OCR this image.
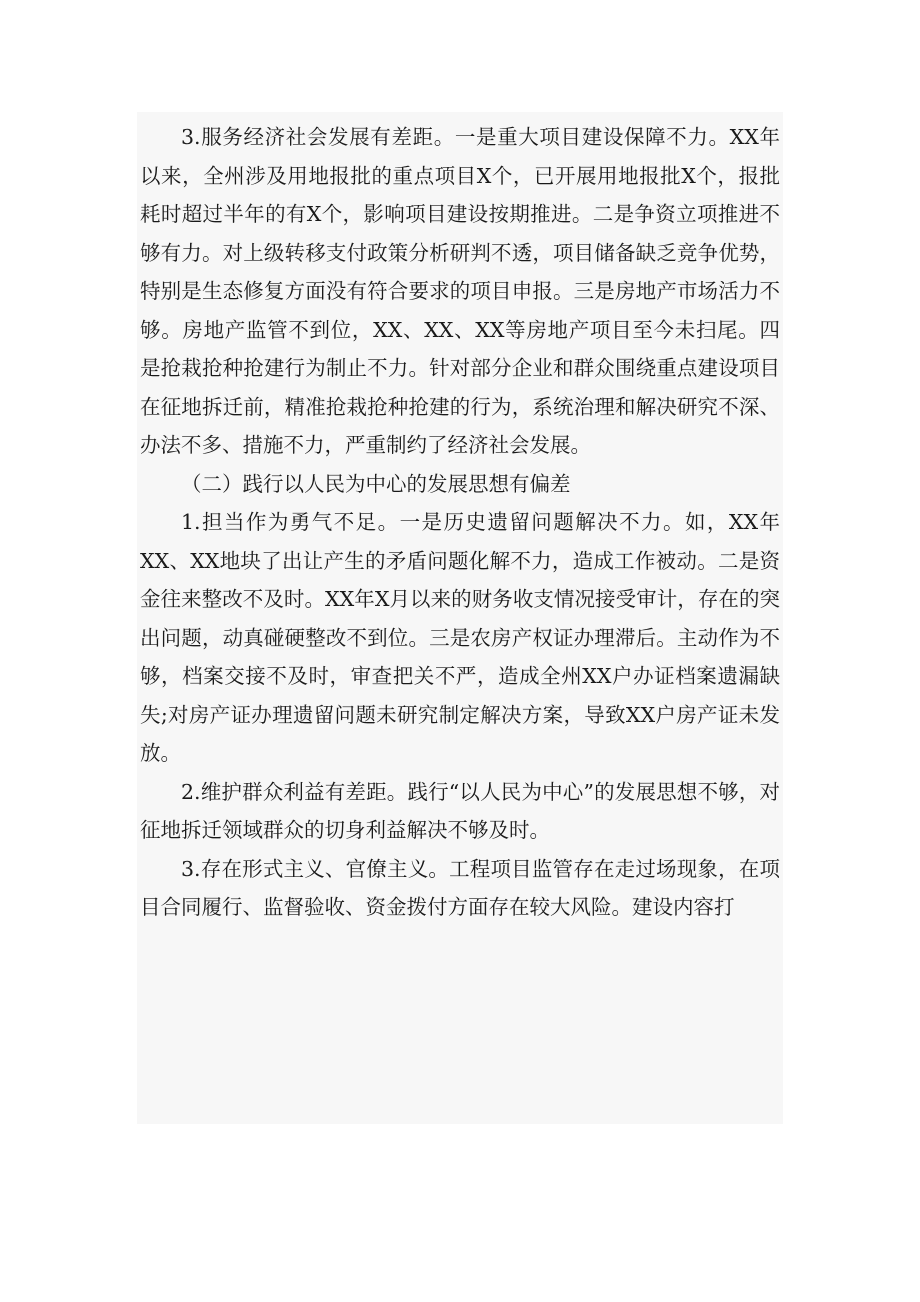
3.服务经济社会发展有差距。一是重大项目建设保障不力。XX年以来，全州涉及用地报批的重点项目X个，已开展用地报批X个，报批耗时超过半年的有X个，影响项目建设按期推进。二是争资立项推进不够有力。对上级转移支付政策分析研判不透，项目储备缺乏竞争优势，特别是生态修复方面没有符合要求的项目申报。三是房地产市场活力不够。房地产监管不到位，XX、XX、XX等房地产项目至今未扫尾。四是抢栽抢种抢建行为制止不力。针对部分企业和群众围绕重点建设项目在征地拆迁前，精准抢栽抢种抢建的行为，系统治理和解决研究不深、办法不多、措施不力，严重制约了经济社会发展。

（二）践行以人民为中心的发展思想有偏差

1.担当作为勇气不足。一是历史遗留问题解决不力。如，XX年XX、XX地块了出让产生的矛盾问题化解不力，造成工作被动。二是资金往来整改不及时。XX年X月以来的财务收支情况接受审计，存在的突出问题，动真碰硬整改不到位。三是农房产权证办理滞后。主动作为不够，档案交接不及时，审查把关不严，造成全州XX户办证档案遗漏缺失;对房产证办理遗留问题未研究制定解决方案，导致XX户房产证未发放。

2.维护群众利益有差距。践行“以人民为中心”的发展思想不够，对征地拆迁领域群众的切身利益解决不够及时。

3.存在形式主义、官僚主义。工程项目监管存在走过场现象，在项目合同履行、监督验收、资金拨付方面存在较大风险。建设内容打
